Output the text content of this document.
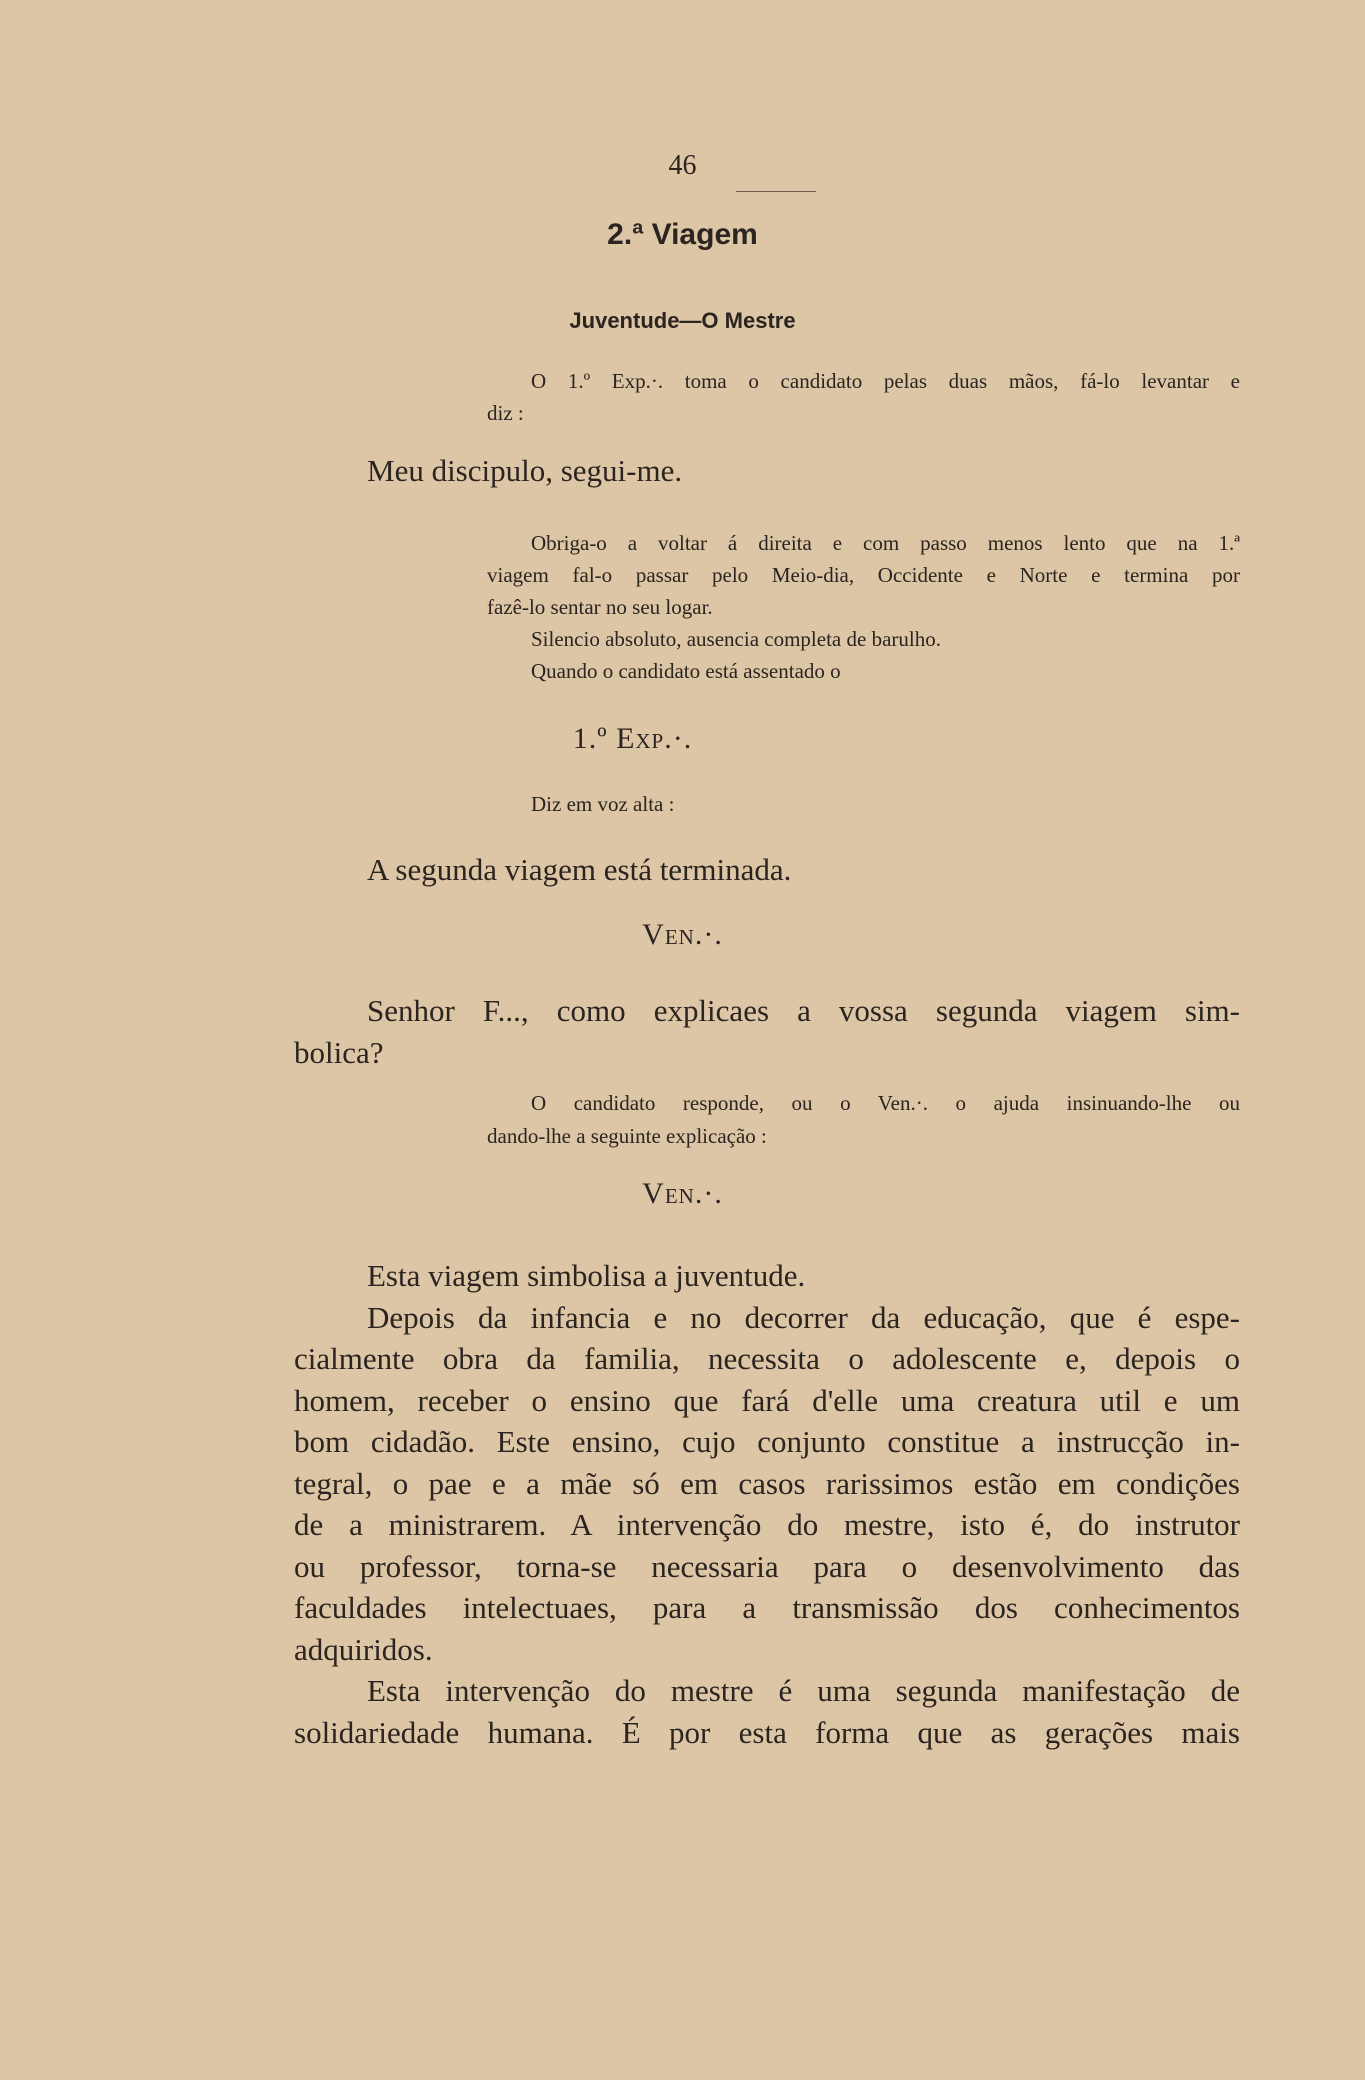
46
2.ª Viagem
Juventude—O Mestre
O 1.º Exp.·. toma o candidato pelas duas mãos, fá-lo levantar e
diz :
Meu discipulo, segui-me.
Obriga-o a voltar á direita e com passo menos lento que na 1.ª
viagem fal-o passar pelo Meio-dia, Occidente e Norte e termina por
fazê-lo sentar no seu logar.
Silencio absoluto, ausencia completa de barulho.
Quando o candidato está assentado o
1.º Exp.·.
Diz em voz alta :
A segunda viagem está terminada.
Ven.·.
Senhor F..., como explicaes a vossa segunda viagem sim-
bolica?
O candidato responde, ou o Ven.·. o ajuda insinuando-lhe ou
dando-lhe a seguinte explicação :
Ven.·.
Esta viagem simbolisa a juventude.
Depois da infancia e no decorrer da educação, que é espe-
cialmente obra da familia, necessita o adolescente e, depois o
homem, receber o ensino que fará d'elle uma creatura util e um
bom cidadão. Este ensino, cujo conjunto constitue a instrucção in-
tegral, o pae e a mãe só em casos rarissimos estão em condições
de a ministrarem. A intervenção do mestre, isto é, do instrutor
ou professor, torna-se necessaria para o desenvolvimento das
faculdades intelectuaes, para a transmissão dos conhecimentos
adquiridos.
Esta intervenção do mestre é uma segunda manifestação de
solidariedade humana. É por esta forma que as gerações mais
